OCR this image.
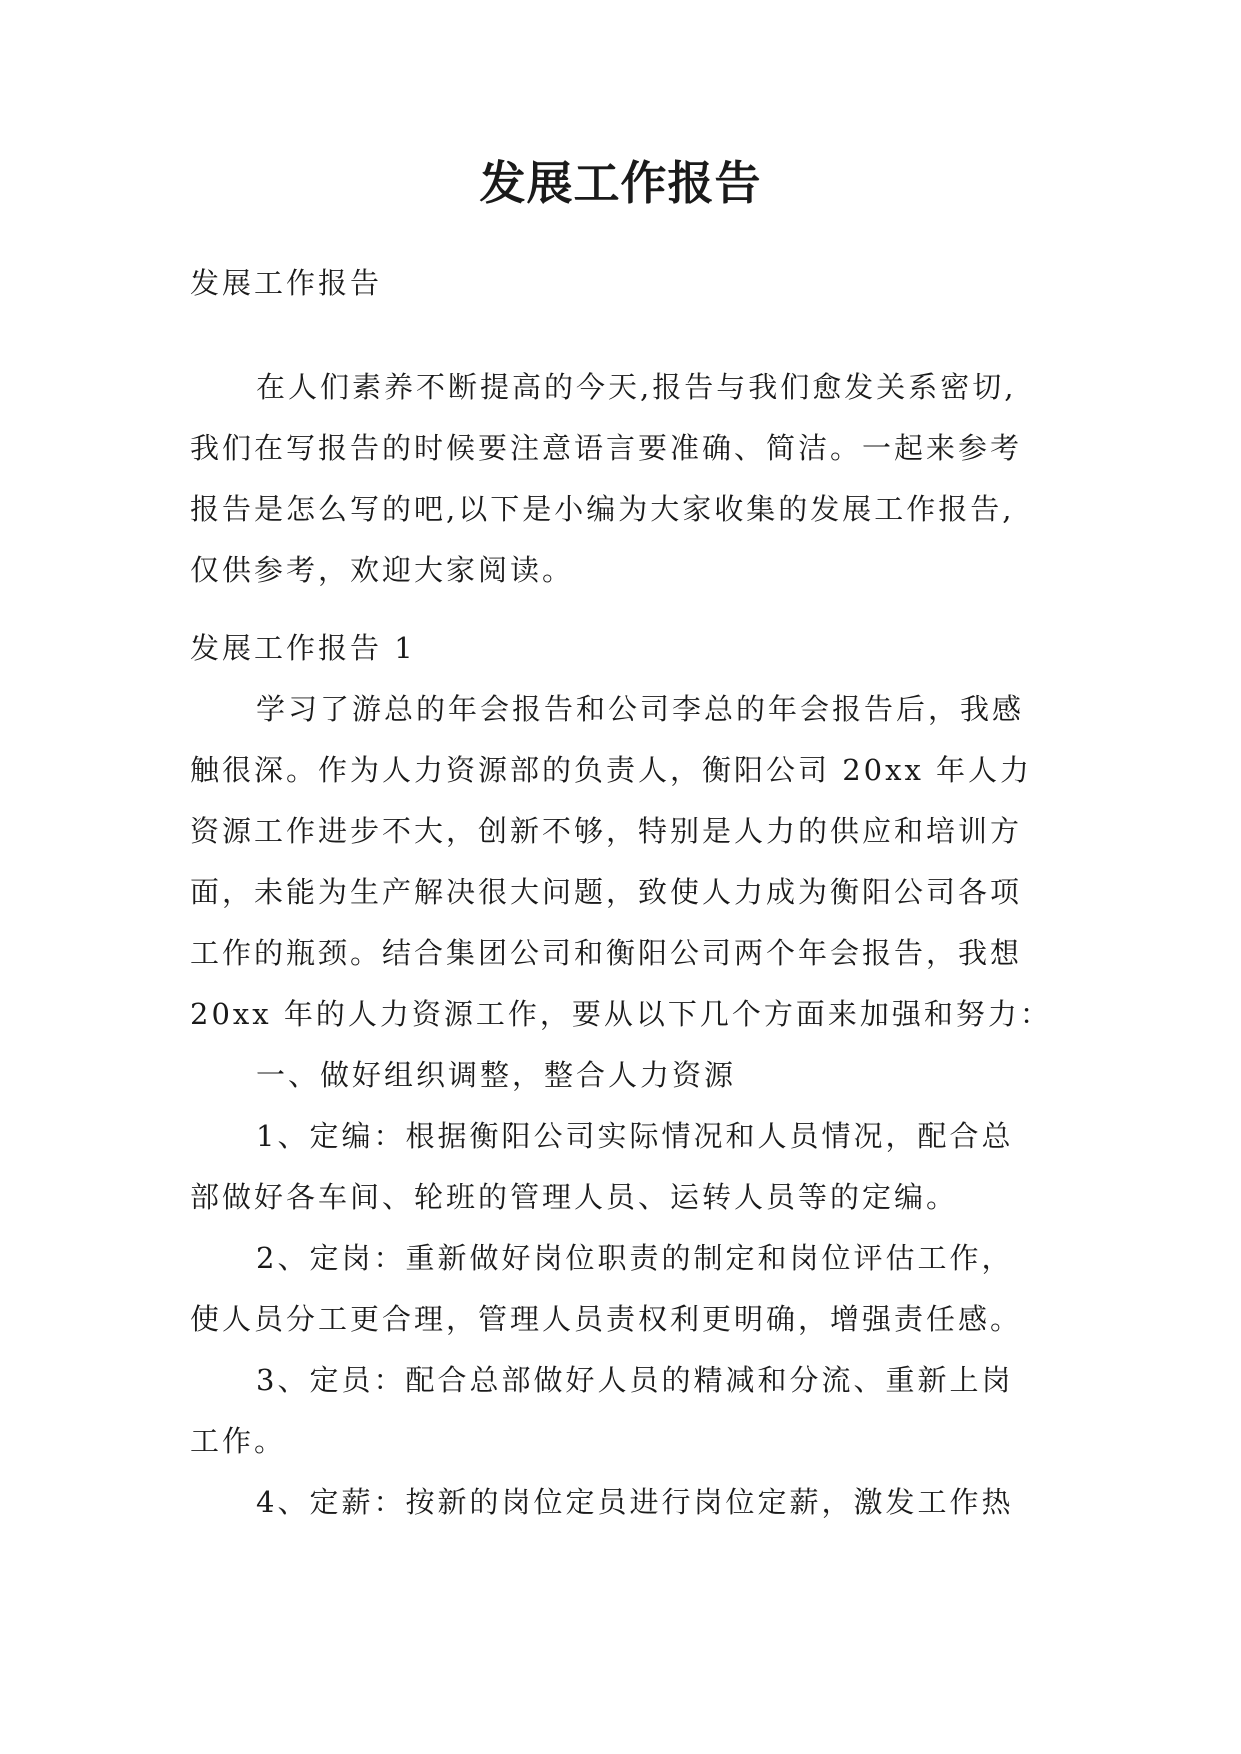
发展工作报告
发展工作报告
在人们素养不断提高的今天,报告与我们愈发关系密切,
我们在写报告的时候要注意语言要准确、简洁。一起来参考
报告是怎么写的吧,以下是小编为大家收集的发展工作报告,
仅供参考，欢迎大家阅读。
发展工作报告 1
学习了游总的年会报告和公司李总的年会报告后，我感
触很深。作为人力资源部的负责人，衡阳公司 20xx 年人力
资源工作进步不大，创新不够，特别是人力的供应和培训方
面，未能为生产解决很大问题，致使人力成为衡阳公司各项
工作的瓶颈。结合集团公司和衡阳公司两个年会报告，我想
20xx 年的人力资源工作，要从以下几个方面来加强和努力：
一、做好组织调整，整合人力资源
1、定编：根据衡阳公司实际情况和人员情况，配合总
部做好各车间、轮班的管理人员、运转人员等的定编。
2、定岗：重新做好岗位职责的制定和岗位评估工作，
使人员分工更合理，管理人员责权利更明确，增强责任感。
3、定员：配合总部做好人员的精减和分流、重新上岗
工作。
4、定薪：按新的岗位定员进行岗位定薪，激发工作热
